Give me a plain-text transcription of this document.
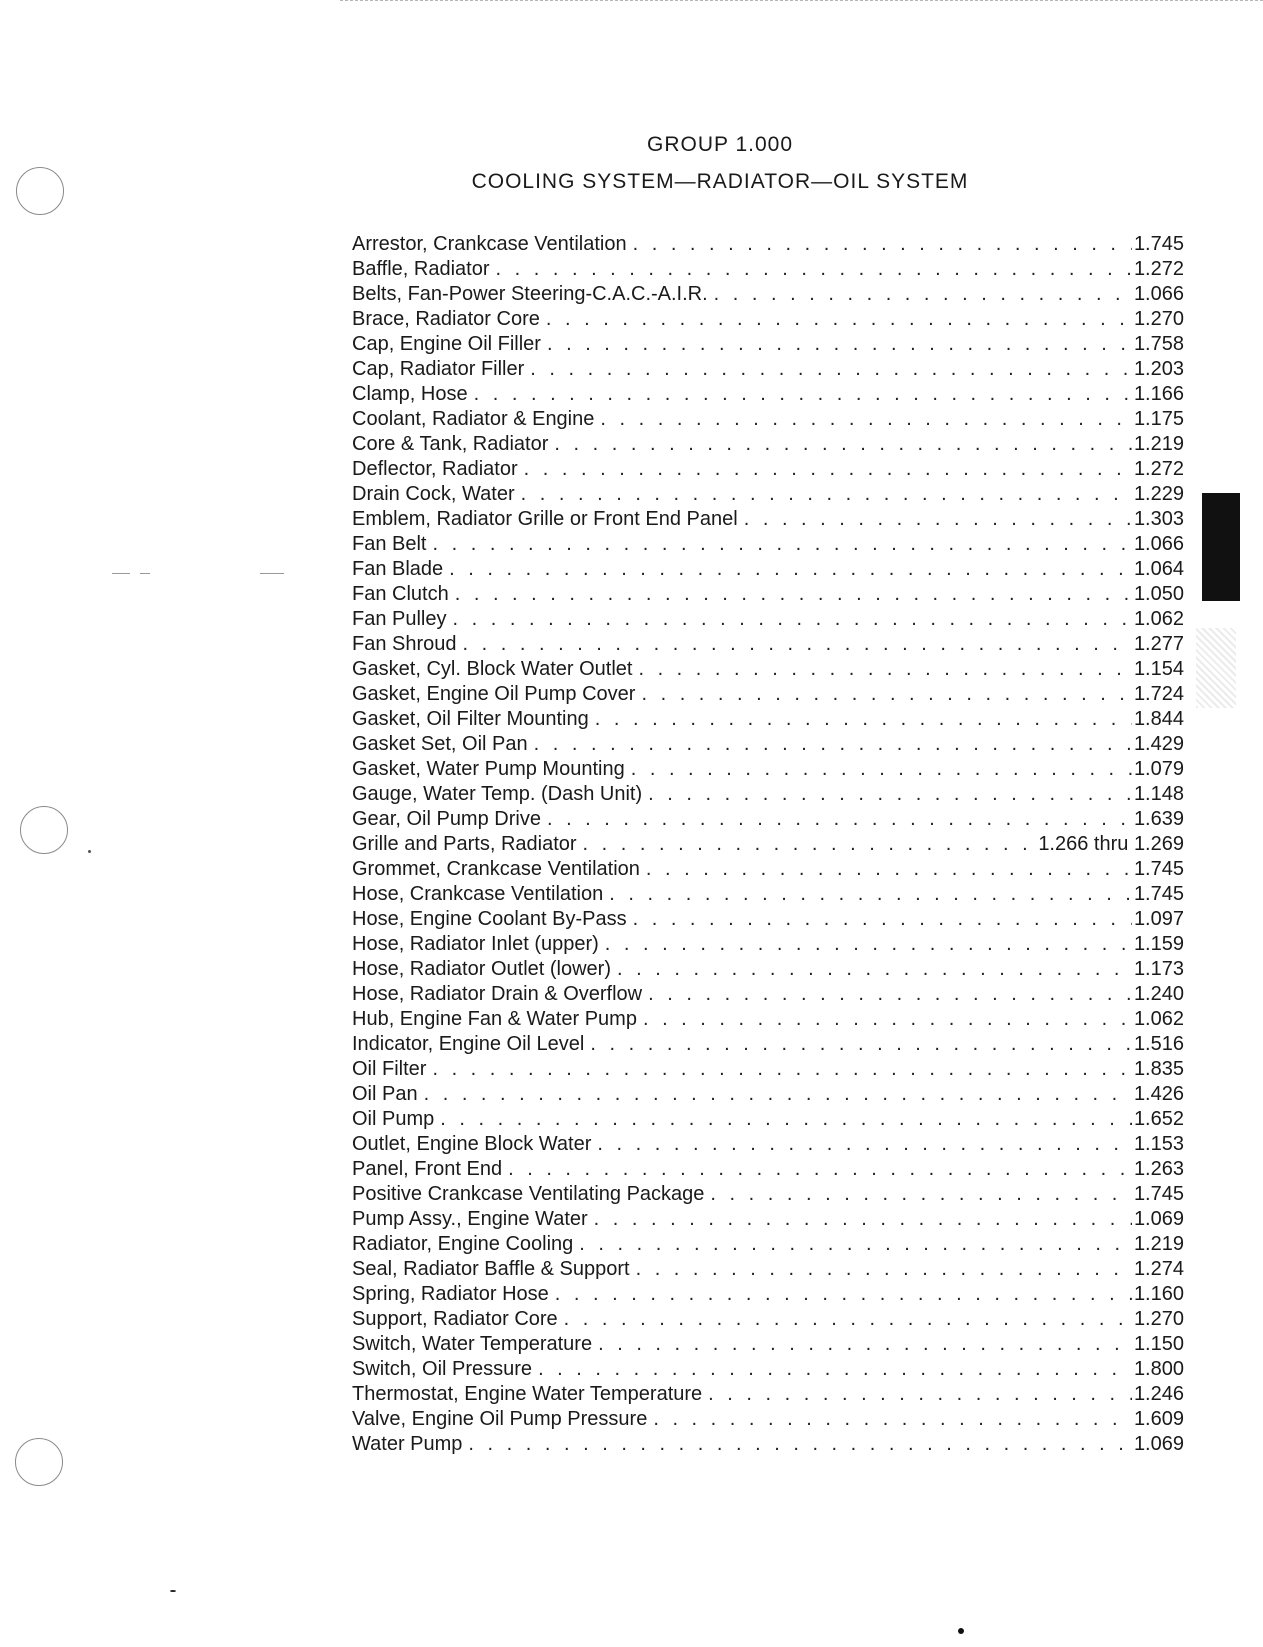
GROUP 1.000
COOLING SYSTEM—RADIATOR—OIL SYSTEM
Arrestor, Crankcase Ventilation . . .	1.745
Baffle, Radiator . . .	1.272
Belts, Fan-Power Steering-C.A.C.-A.I.R. . . .	1.066
Brace, Radiator Core . . .	1.270
Cap, Engine Oil Filler . . .	1.758
Cap, Radiator Filler . . .	1.203
Clamp, Hose . . .	1.166
Coolant, Radiator & Engine . . .	1.175
Core & Tank, Radiator . . .	1.219
Deflector, Radiator . . .	1.272
Drain Cock, Water . . .	1.229
Emblem, Radiator Grille or Front End Panel . . .	1.303
Fan Belt . . .	1.066
Fan Blade . . .	1.064
Fan Clutch . . .	1.050
Fan Pulley . . .	1.062
Fan Shroud . . .	1.277
Gasket, Cyl. Block Water Outlet . . .	1.154
Gasket, Engine Oil Pump Cover . . .	1.724
Gasket, Oil Filter Mounting . . .	1.844
Gasket Set, Oil Pan . . .	1.429
Gasket, Water Pump Mounting . . .	1.079
Gauge, Water Temp. (Dash Unit) . . .	1.148
Gear, Oil Pump Drive . . .	1.639
Grille and Parts, Radiator . . .	1.266 thru 1.269
Grommet, Crankcase Ventilation . . .	1.745
Hose, Crankcase Ventilation . . .	1.745
Hose, Engine Coolant By-Pass . . .	1.097
Hose, Radiator Inlet (upper) . . .	1.159
Hose, Radiator Outlet (lower) . . .	1.173
Hose, Radiator Drain & Overflow . . .	1.240
Hub, Engine Fan & Water Pump . . .	1.062
Indicator, Engine Oil Level . . .	1.516
Oil Filter . . .	1.835
Oil Pan . . .	1.426
Oil Pump . . .	1.652
Outlet, Engine Block Water . . .	1.153
Panel, Front End . . .	1.263
Positive Crankcase Ventilating Package . . .	1.745
Pump Assy., Engine Water . . .	1.069
Radiator, Engine Cooling . . .	1.219
Seal, Radiator Baffle & Support . . .	1.274
Spring, Radiator Hose . . .	1.160
Support, Radiator Core . . .	1.270
Switch, Water Temperature . . .	1.150
Switch, Oil Pressure . . .	1.800
Thermostat, Engine Water Temperature . . .	1.246
Valve, Engine Oil Pump Pressure . . .	1.609
Water Pump . . .	1.069
